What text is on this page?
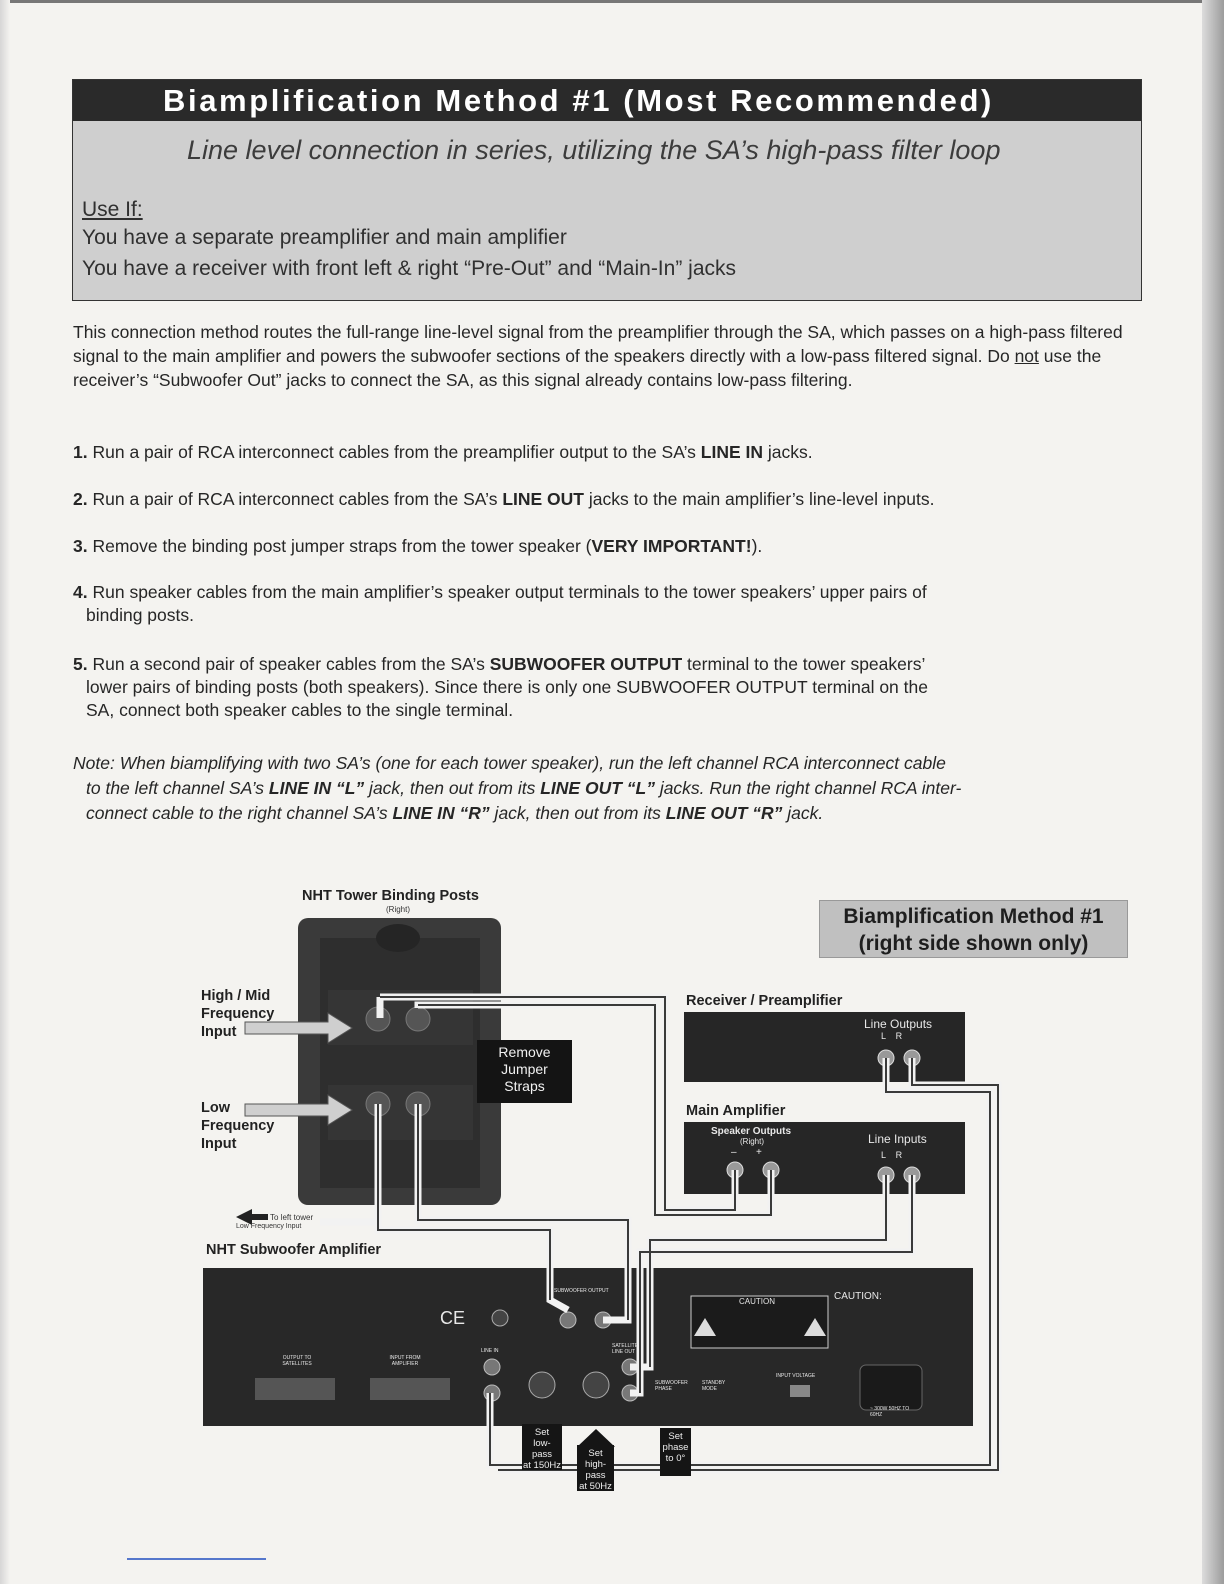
Biamplification Method #1 (Most Recommended)
Line level connection in series, utilizing the SA’s high-pass filter loop
Use If:
You have a separate preamplifier and main amplifier
You have a receiver with front left & right “Pre-Out” and “Main-In” jacks
This connection method routes the full-range line-level signal from the preamplifier through the SA, which passes on a high-pass filtered signal to the main amplifier and powers the subwoofer sections of the speakers directly with a low-pass filtered signal. Do not use the receiver’s “Subwoofer Out” jacks to connect the SA, as this signal already contains low-pass filtering.
1. Run a pair of RCA interconnect cables from the preamplifier output to the SA’s LINE IN jacks.
2. Run a pair of RCA interconnect cables from the SA’s LINE OUT jacks to the main amplifier’s line-level inputs.
3. Remove the binding post jumper straps from the tower speaker (VERY IMPORTANT!).
4. Run speaker cables from the main amplifier’s speaker output terminals to the tower speakers’ upper pairs of
binding posts.
5. Run a second pair of speaker cables from the SA’s SUBWOOFER OUTPUT terminal to the tower speakers’
lower pairs of binding posts (both speakers). Since there is only one SUBWOOFER OUTPUT terminal on the
SA, connect both speaker cables to the single terminal.
Note: When biamplifying with two SA’s (one for each tower speaker), run the left channel RCA interconnect cable
to the left channel SA’s LINE IN “L” jack, then out from its LINE OUT “L” jacks. Run the right channel RCA inter-
connect cable to the right channel SA’s LINE IN “R” jack, then out from its LINE OUT “R” jack.
NHT Tower Binding Posts
(Right)	Biamplification Method #1
(right side shown only)
High / Mid
Frequency
Input
Low
Frequency
Input
Remove
Jumper
Straps
Receiver / Preamplifier
Line Outputs
L    R
Main Amplifier
Speaker Outputs
(Right)
–       +
Line Inputs
L    R
To left tower
Low Frequency Input
NHT Subwoofer Amplifier
CAUTION:
CAUTION
SUBWOOFER OUTPUT
LINE IN
SATELLITE LINE OUT
OUTPUT TO SATELLITES
INPUT FROM AMPLIFIER
SUBWOOFER PHASE
STANDBY MODE
INPUT VOLTAGE
CE
~ 300W 50HZ TO 60HZ
Set
low-
pass
at 150Hz
Set
high-
pass
at 50Hz
Set
phase
to 0°
